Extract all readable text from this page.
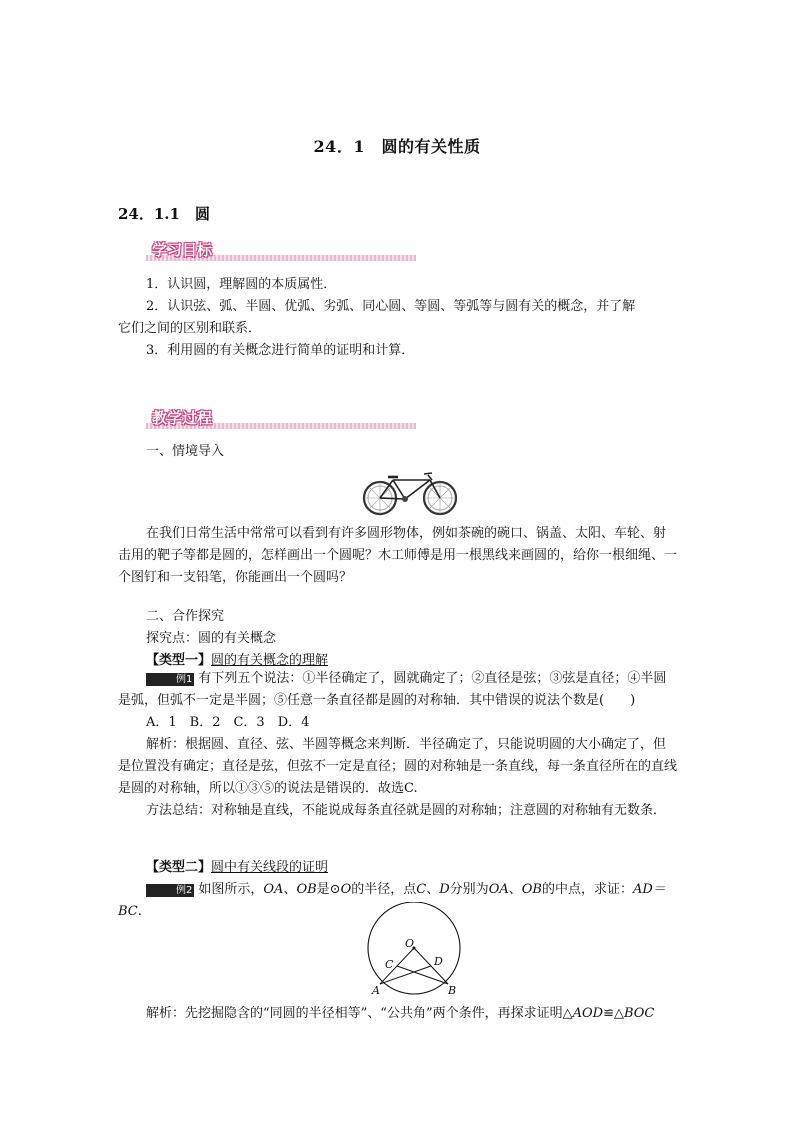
24．1　圆的有关性质
24．1.1　圆
学习目标
1．认识圆，理解圆的本质属性．
2．认识弦、弧、半圆、优弧、劣弧、同心圆、等圆、等弧等与圆有关的概念，并了解
它们之间的区别和联系．
3．利用圆的有关概念进行简单的证明和计算．
教学过程
一、情境导入
在我们日常生活中常常可以看到有许多圆形物体，例如茶碗的碗口、锅盖、太阳、车轮、射击用的靶子等都是圆的，怎样画出一个圆呢？木工师傅是用一根黑线来画圆的，给你一根细绳、一个图钉和一支铅笔，你能画出一个圆吗？
二、合作探究
探究点：圆的有关概念
【类型一】圆的有关概念的理解
例1 有下列五个说法：①半径确定了，圆就确定了；②直径是弦；③弦是直径；④半圆是弧，但弧不一定是半圆；⑤任意一条直径都是圆的对称轴．其中错误的说法个数是(　　)
A．1　B．2　C．3　D．4
解析：根据圆、直径、弦、半圆等概念来判断．半径确定了，只能说明圆的大小确定了，但是位置没有确定；直径是弦，但弦不一定是直径；圆的对称轴是一条直线，每一条直径所在的直线是圆的对称轴，所以①③⑤的说法是错误的．故选C.
方法总结：对称轴是直线，不能说成每条直径就是圆的对称轴；注意圆的对称轴有无数条．
【类型二】圆中有关线段的证明
例2 如图所示，OA、OB是⊙O的半径，点C、D分别为OA、OB的中点，求证：AD＝BC.
O
A	B
C	D
解析：先挖掘隐含的“同圆的半径相等”、“公共角”两个条件，再探求证明△AOD≌△BOC
